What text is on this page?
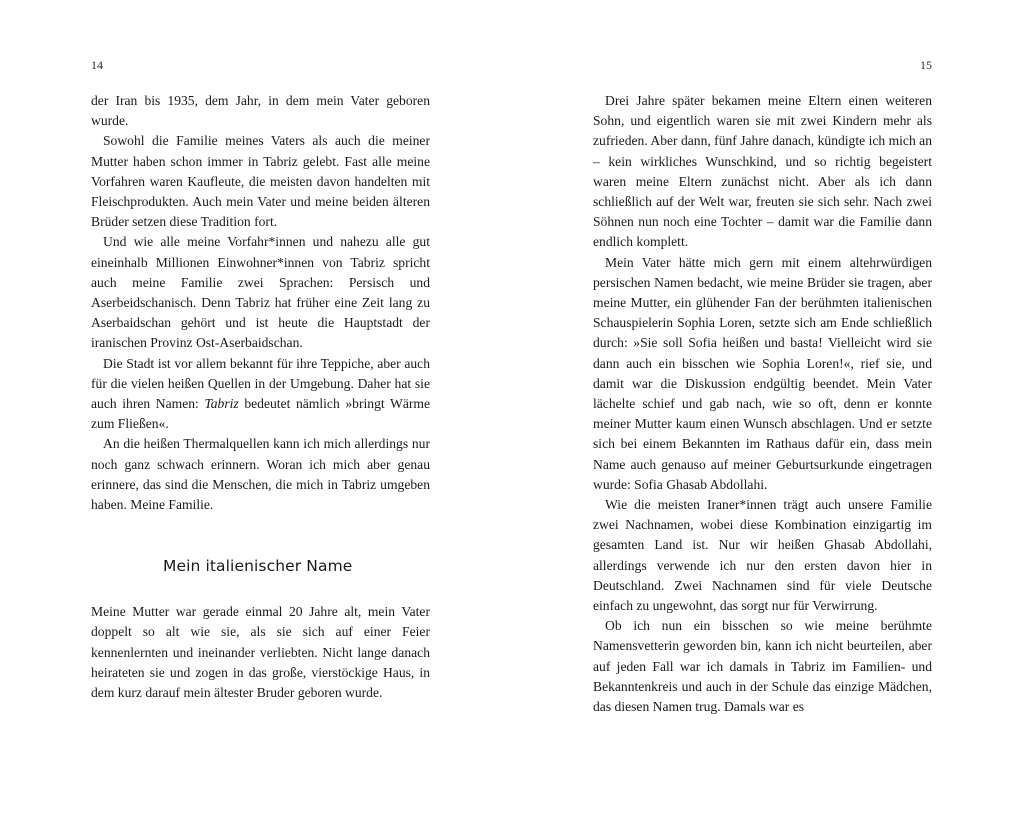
14

der Iran bis 1935, dem Jahr, in dem mein Vater geboren wurde.

Sowohl die Familie meines Vaters als auch die meiner Mutter haben schon immer in Tabriz gelebt. Fast alle meine Vorfahren waren Kaufleute, die meisten davon handelten mit Fleischprodukten. Auch mein Vater und meine beiden älteren Brüder setzen diese Tradition fort.

Und wie alle meine Vorfahr*innen und nahezu alle gut eineinhalb Millionen Einwohner*innen von Tabriz spricht auch meine Familie zwei Sprachen: Persisch und Aserbeidschanisch. Denn Tabriz hat früher eine Zeit lang zu Aserbaidschan gehört und ist heute die Hauptstadt der iranischen Provinz Ost-Aserbaidschan.

Die Stadt ist vor allem bekannt für ihre Teppiche, aber auch für die vielen heißen Quellen in der Umgebung. Daher hat sie auch ihren Namen: Tabriz bedeutet nämlich »bringt Wärme zum Fließen«.

An die heißen Thermalquellen kann ich mich allerdings nur noch ganz schwach erinnern. Woran ich mich aber genau erinnere, das sind die Menschen, die mich in Tabriz umgeben haben. Meine Familie.

Mein italienischer Name

Meine Mutter war gerade einmal 20 Jahre alt, mein Vater doppelt so alt wie sie, als sie sich auf einer Feier kennenlernten und ineinander verliebten. Nicht lange danach heirateten sie und zogen in das große, vierstöckige Haus, in dem kurz darauf mein ältester Bruder geboren wurde.

15

Drei Jahre später bekamen meine Eltern einen weiteren Sohn, und eigentlich waren sie mit zwei Kindern mehr als zufrieden. Aber dann, fünf Jahre danach, kündigte ich mich an – kein wirkliches Wunschkind, und so richtig begeistert waren meine Eltern zunächst nicht. Aber als ich dann schließlich auf der Welt war, freuten sie sich sehr. Nach zwei Söhnen nun noch eine Tochter – damit war die Familie dann endlich komplett.

Mein Vater hätte mich gern mit einem altehrwürdigen persischen Namen bedacht, wie meine Brüder sie tragen, aber meine Mutter, ein glühender Fan der berühmten italienischen Schauspielerin Sophia Loren, setzte sich am Ende schließlich durch: »Sie soll Sofia heißen und basta! Vielleicht wird sie dann auch ein bisschen wie Sophia Loren!«, rief sie, und damit war die Diskussion endgültig beendet. Mein Vater lächelte schief und gab nach, wie so oft, denn er konnte meiner Mutter kaum einen Wunsch abschlagen. Und er setzte sich bei einem Bekannten im Rathaus dafür ein, dass mein Name auch genauso auf meiner Geburtsurkunde eingetragen wurde: Sofia Ghasab Abdollahi.

Wie die meisten Iraner*innen trägt auch unsere Familie zwei Nachnamen, wobei diese Kombination einzigartig im gesamten Land ist. Nur wir heißen Ghasab Abdollahi, allerdings verwende ich nur den ersten davon hier in Deutschland. Zwei Nachnamen sind für viele Deutsche einfach zu ungewohnt, das sorgt nur für Verwirrung.

Ob ich nun ein bisschen so wie meine berühmte Namensvetterin geworden bin, kann ich nicht beurteilen, aber auf jeden Fall war ich damals in Tabriz im Familien- und Bekanntenkreis und auch in der Schule das einzige Mädchen, das diesen Namen trug. Damals war es
